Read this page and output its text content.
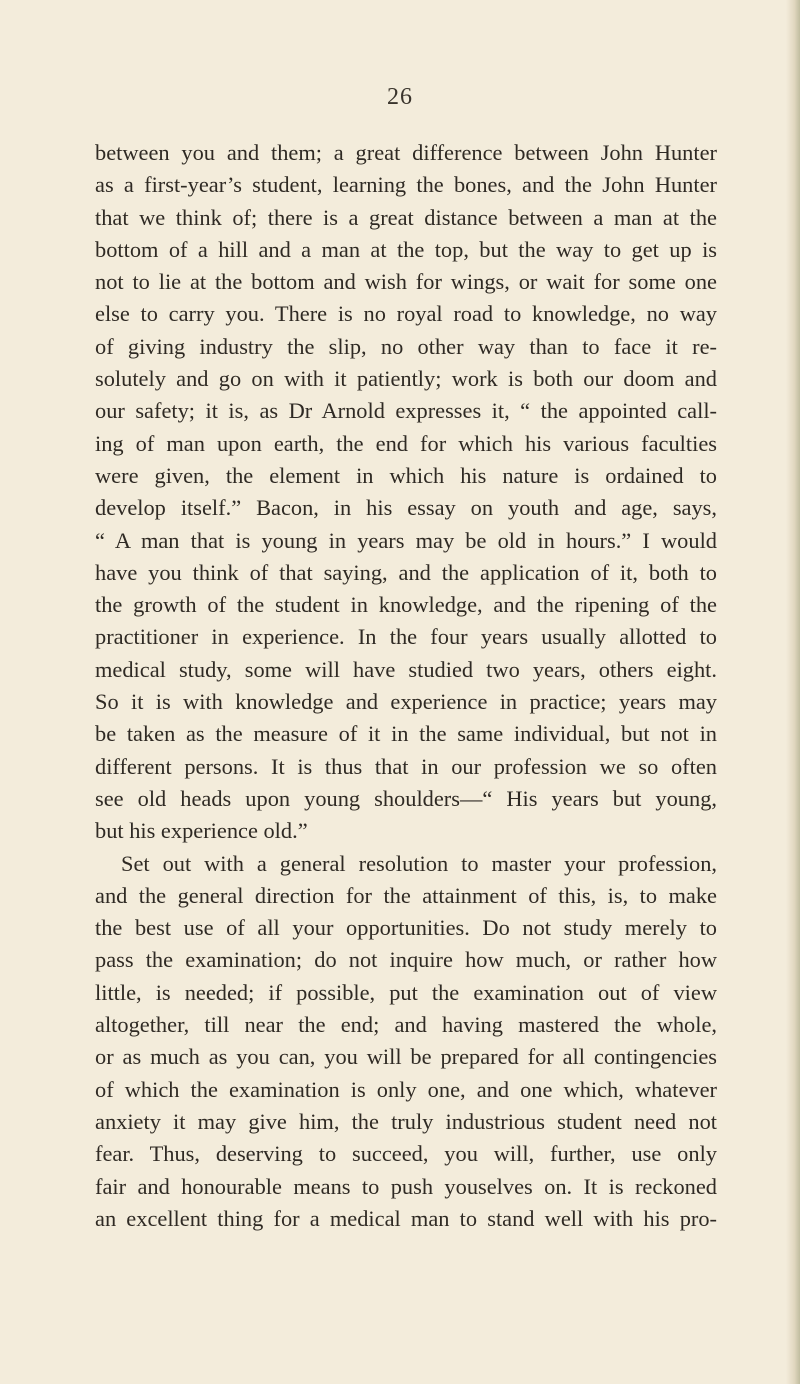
26
between you and them; a great difference between John Hunter
as a first-year’s student, learning the bones, and the John Hunter
that we think of; there is a great distance between a man at the
bottom of a hill and a man at the top, but the way to get up is
not to lie at the bottom and wish for wings, or wait for some one
else to carry you. There is no royal road to knowledge, no way
of giving industry the slip, no other way than to face it re-
solutely and go on with it patiently; work is both our doom and
our safety; it is, as Dr Arnold expresses it, “ the appointed call-
ing of man upon earth, the end for which his various faculties
were given, the element in which his nature is ordained to
develop itself.” Bacon, in his essay on youth and age, says,
“ A man that is young in years may be old in hours.” I would
have you think of that saying, and the application of it, both to
the growth of the student in knowledge, and the ripening of the
practitioner in experience. In the four years usually allotted to
medical study, some will have studied two years, others eight.
So it is with knowledge and experience in practice; years may
be taken as the measure of it in the same individual, but not in
different persons. It is thus that in our profession we so often
see old heads upon young shoulders—“ His years but young,
but his experience old.”
Set out with a general resolution to master your profession,
and the general direction for the attainment of this, is, to make
the best use of all your opportunities. Do not study merely to
pass the examination; do not inquire how much, or rather how
little, is needed; if possible, put the examination out of view
altogether, till near the end; and having mastered the whole,
or as much as you can, you will be prepared for all contingencies
of which the examination is only one, and one which, whatever
anxiety it may give him, the truly industrious student need not
fear. Thus, deserving to succeed, you will, further, use only
fair and honourable means to push youselves on. It is reckoned
an excellent thing for a medical man to stand well with his pro-
